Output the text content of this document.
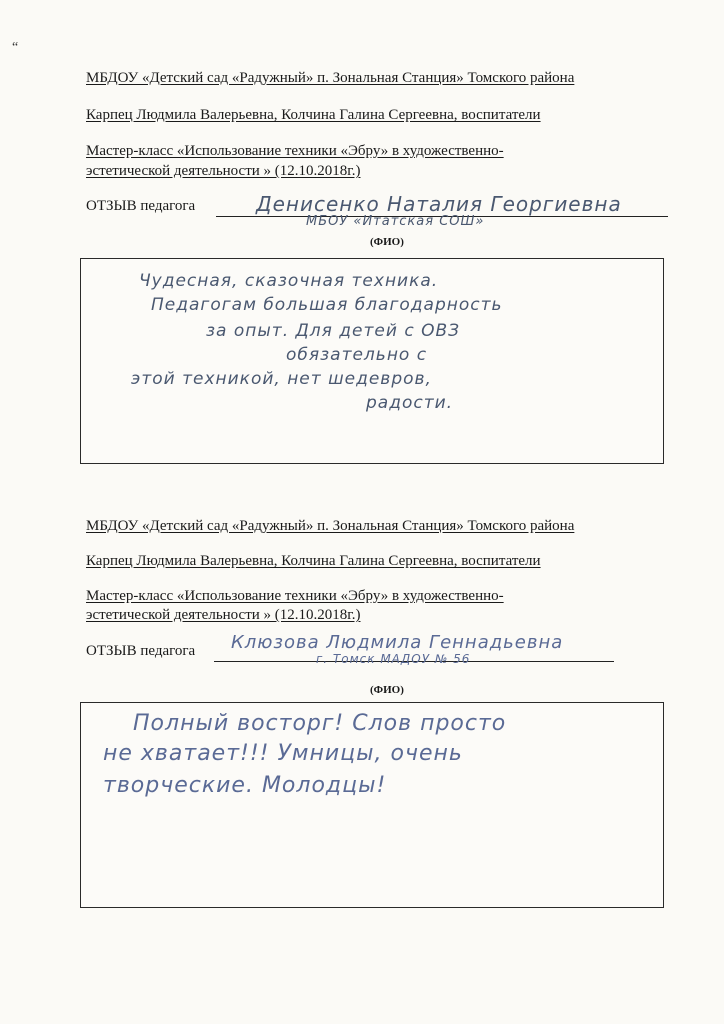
“
МБДОУ «Детский сад «Радужный» п. Зональная Станция» Томского района
Карпец Людмила Валерьевна, Колчина Галина Сергеевна, воспитатели
Мастер-класс «Использование техники «Эбру» в художественно-
эстетической деятельности » (12.10.2018г.)
ОТЗЫВ педагога	Денисенко Наталия Георгиевна
МБОУ «Итатская СОШ»
(ФИО)
Чудесная, сказочная техника.
Педагогам большая благодарность
за опыт. Для детей с ОВЗ
обязательно с
этой техникой, нет шедевров,
радости.
МБДОУ «Детский сад «Радужный» п. Зональная Станция» Томского района
Карпец Людмила Валерьевна, Колчина Галина Сергеевна, воспитатели
Мастер-класс «Использование техники «Эбру» в художественно-
эстетической деятельности » (12.10.2018г.)
ОТЗЫВ педагога Клюзова Людмила Геннадьевна
г. Томск МАДОУ № 56
(ФИО)
Полный восторг! Слов просто
не хватает!!! Умницы, очень
творческие. Молодцы!
